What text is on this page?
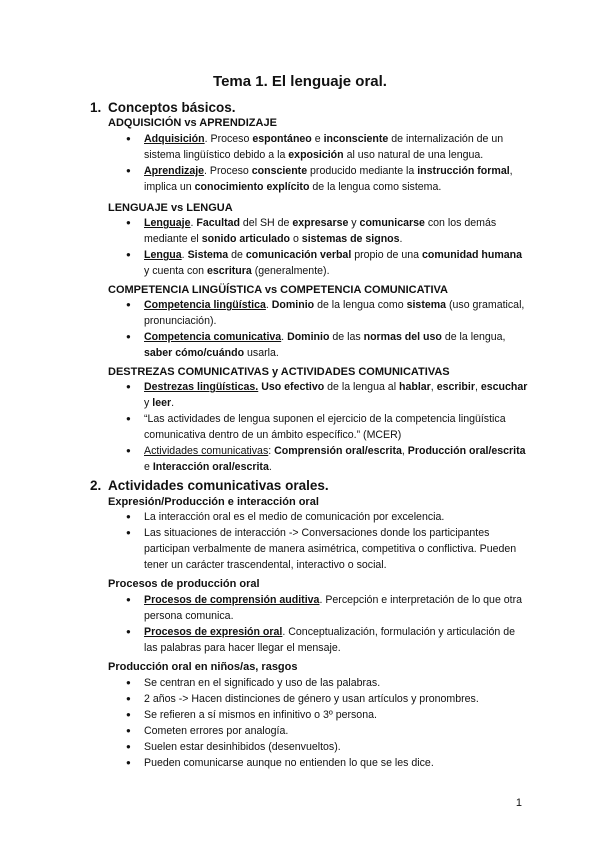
Tema 1. El lenguaje oral.
1. Conceptos básicos.
ADQUISICIÓN vs APRENDIZAJE
● Adquisición. Proceso espontáneo e inconsciente de internalización de un sistema lingüístico debido a la exposición al uso natural de una lengua.
● Aprendizaje. Proceso consciente producido mediante la instrucción formal, implica un conocimiento explícito de la lengua como sistema.
LENGUAJE vs LENGUA
● Lenguaje. Facultad del SH de expresarse y comunicarse con los demás mediante el sonido articulado o sistemas de signos.
● Lengua. Sistema de comunicación verbal propio de una comunidad humana y cuenta con escritura (generalmente).
COMPETENCIA LINGÜÍSTICA vs COMPETENCIA COMUNICATIVA
● Competencia lingüística. Dominio de la lengua como sistema (uso gramatical, pronunciación).
● Competencia comunicativa. Dominio de las normas del uso de la lengua, saber cómo/cuándo usarla.
DESTREZAS COMUNICATIVAS y ACTIVIDADES COMUNICATIVAS
● Destrezas lingüísticas. Uso efectivo de la lengua al hablar, escribir, escuchar y leer.
● “Las actividades de lengua suponen el ejercicio de la competencia lingüística comunicativa dentro de un ámbito específico.” (MCER)
● Actividades comunicativas: Comprensión oral/escrita, Producción oral/escrita e Interacción oral/escrita.
2. Actividades comunicativas orales.
Expresión/Producción e interacción oral
● La interacción oral es el medio de comunicación por excelencia.
● Las situaciones de interacción -> Conversaciones donde los participantes participan verbalmente de manera asimétrica, competitiva o conflictiva. Pueden tener un carácter trascendental, interactivo o social.
Procesos de producción oral
● Procesos de comprensión auditiva. Percepción e interpretación de lo que otra persona comunica.
● Procesos de expresión oral. Conceptualización, formulación y articulación de las palabras para hacer llegar el mensaje.
Producción oral en niños/as, rasgos
● Se centran en el significado y uso de las palabras.
● 2 años -> Hacen distinciones de género y usan artículos y pronombres.
● Se refieren a sí mismos en infinitivo o 3º persona.
● Cometen errores por analogía.
● Suelen estar desinhibidos (desenvueltos).
● Pueden comunicarse aunque no entienden lo que se les dice.
1
